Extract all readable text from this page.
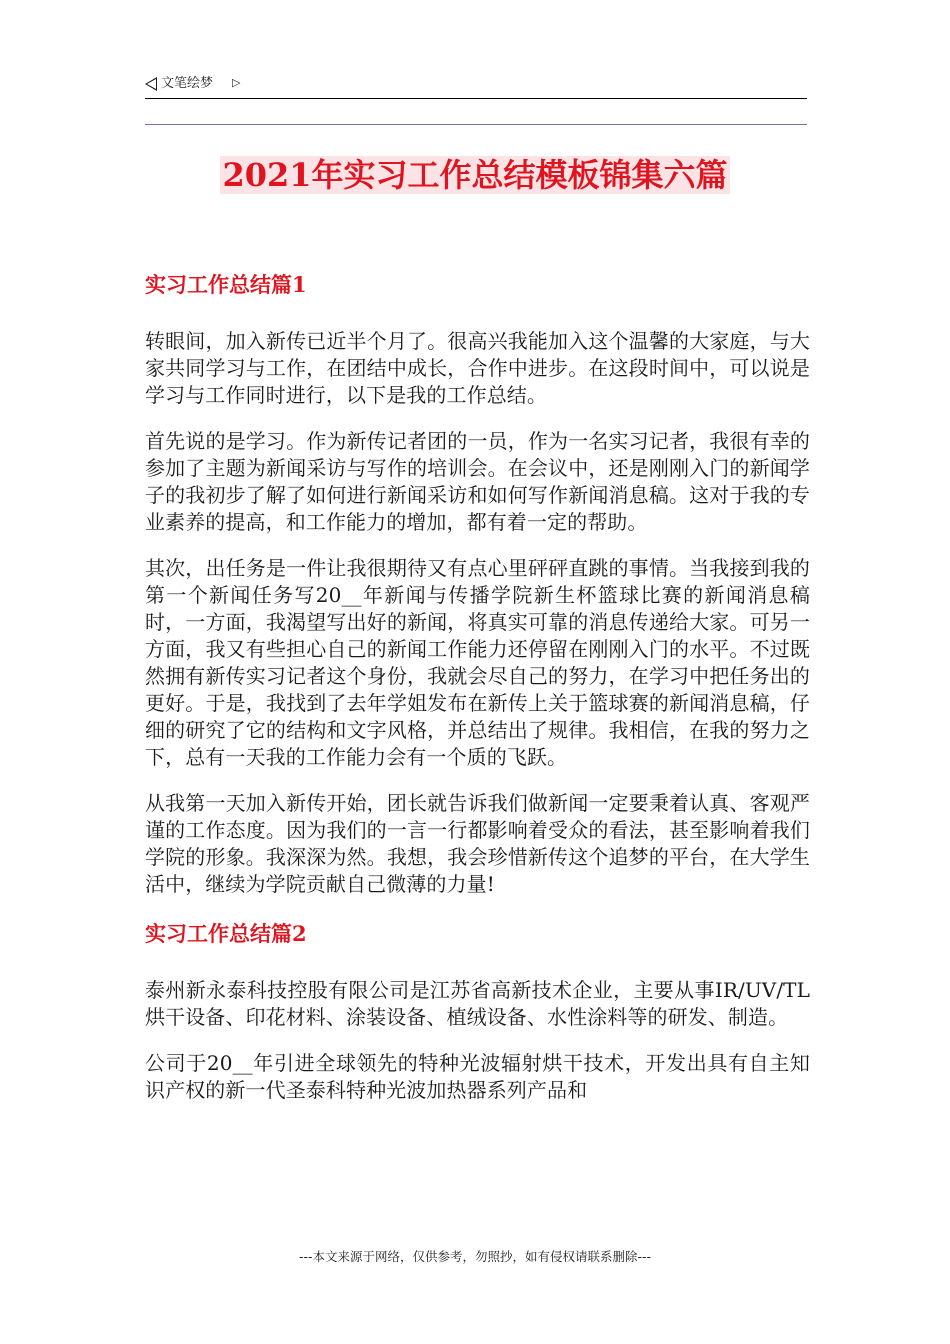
文笔绘梦 ▷
2021年实习工作总结模板锦集六篇
实习工作总结篇1

转眼间，加入新传已近半个月了。很高兴我能加入这个温馨的大家庭，与大家共同学习与工作，在团结中成长，合作中进步。在这段时间中，可以说是学习与工作同时进行，以下是我的工作总结。

首先说的是学习。作为新传记者团的一员，作为一名实习记者，我很有幸的参加了主题为新闻采访与写作的培训会。在会议中，还是刚刚入门的新闻学子的我初步了解了如何进行新闻采访和如何写作新闻消息稿。这对于我的专业素养的提高，和工作能力的增加，都有着一定的帮助。

其次，出任务是一件让我很期待又有点心里砰砰直跳的事情。当我接到我的第一个新闻任务写20__年新闻与传播学院新生杯篮球比赛的新闻消息稿时，一方面，我渴望写出好的新闻，将真实可靠的消息传递给大家。可另一方面，我又有些担心自己的新闻工作能力还停留在刚刚入门的水平。不过既然拥有新传实习记者这个身份，我就会尽自己的努力，在学习中把任务出的更好。于是，我找到了去年学姐发布在新传上关于篮球赛的新闻消息稿，仔细的研究了它的结构和文字风格，并总结出了规律。我相信，在我的努力之下，总有一天我的工作能力会有一个质的飞跃。

从我第一天加入新传开始，团长就告诉我们做新闻一定要秉着认真、客观严谨的工作态度。因为我们的一言一行都影响着受众的看法，甚至影响着我们学院的形象。我深深为然。我想，我会珍惜新传这个追梦的平台，在大学生活中，继续为学院贡献自己微薄的力量!

实习工作总结篇2

泰州新永泰科技控股有限公司是江苏省高新技术企业，主要从事IR/UV/TL烘干设备、印花材料、涂装设备、植绒设备、水性涂料等的研发、制造。

公司于20__年引进全球领先的特种光波辐射烘干技术，开发出具有自主知识产权的新一代圣泰科特种光波加热器系列产品和

---本文来源于网络，仅供参考，勿照抄，如有侵权请联系删除---
